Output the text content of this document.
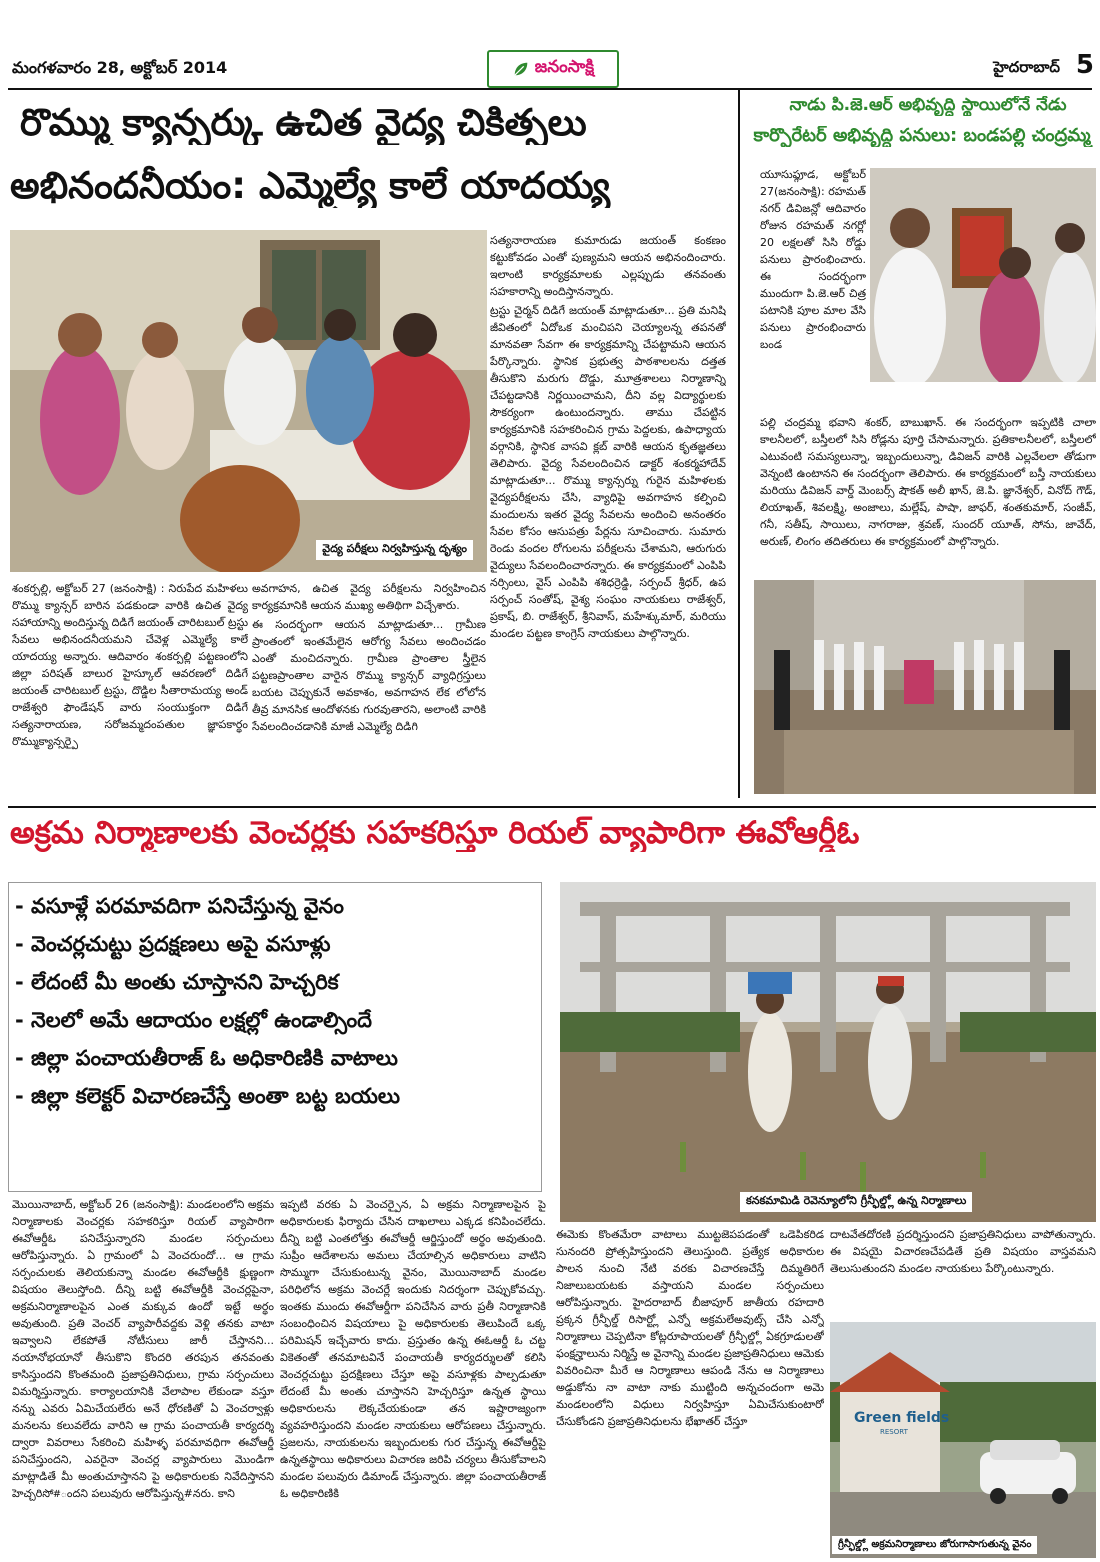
మంగళవారం 28, అక్టోబర్ 2014	జనంసాక్షి	హైదరాబాద్ 5
రొమ్ము క్యాన్సర్కు ఉచిత వైద్య చికిత్సలు
అభినందనీయం: ఎమ్మెల్యే కాలే యాదయ్య
వైద్య పరీక్షలు నిర్వహిస్తున్న దృశ్యం

సత్యనారాయణ కుమారుడు జయంత్ కంకణం కట్టుకోవడం ఎంతో పుణ్యమని ఆయన అభినందించారు. ఇలాంటి కార్యక్రమాలకు ఎల్లప్పుడు తనవంతు సహకారాన్ని అందిస్తానన్నారు.

ట్రస్టు చైర్మన్ దిడిగే జయంత్ మాట్లాడుతూ... ప్రతి మనిషి జీవితంలో ఏదోఒక మంచిపని చెయ్యాలన్న తపనతో మానవతా సేవగా ఈ కార్యక్రమాన్ని చేపట్టామని ఆయన పేర్కొన్నారు. స్థానిక ప్రభుత్వ పాఠశాలలను దత్తత తీసుకొని మరుగు దొడ్డు, మూత్రశాలలు నిర్మాణాన్ని చేపట్టడానికి నిర్ణయించామని, దీని వల్ల విద్యార్థులకు సౌకర్యంగా ఉంటుందన్నారు. తాము చేపట్టిన కార్యక్రమానికి సహకరించిన గ్రామ పెద్దలకు, ఉపాధ్యాయ వర్గానికి, స్థానిక వాసవి క్లబ్ వారికి ఆయన కృతజ్ఞతలు తెలిపారు. వైద్య సేవలందించిన డాక్టర్ శంకర్మహాదేవ్ మాట్లాడుతూ... రొమ్ము క్యాన్సర్ను గురైన మహిళలకు వైద్యపరీక్షలను చేసి, వ్యాధిపై అవగాహన కల్పించి మందులను ఇతర వైద్య సేవలను అందించి అనంతరం సేవల కోసం ఆసుపత్రు పేర్లను సూచించారు. సుమారు రెండు వందల రోగులను పరీక్షలను చేశామని, ఆరుగురు వైద్యులు సేవలందించారన్నారు. ఈ కార్యక్రమంలో ఎంపిపి నర్సింలు, వైస్ ఎంపిపి శశిధర్రెడ్డి, సర్పంచ్ శ్రీధర్, ఉప సర్పంచ్ సంతోష్, వైశ్య సంఘం నాయకులు రాజేశ్వర్, ప్రకాష్, బి. రాజేశ్వర్, శ్రీనివాస్, మహేశ్కుమార్, మరియు మండల పట్టణ కాంగ్రెస్ నాయకులు పాల్గొన్నారు.

శంకర్పల్లి, అక్టోబర్ 27 (జనంసాక్షి) : నిరుపేద మహిళలు రొమ్ము క్యాన్సర్ బారిన పడకుండా వారికి ఉచిత వైద్య సహాయాన్ని అందిస్తున్న దిడిగే జయంత్ చారిటబుల్ ట్రస్టు సేవలు అభినందనీయమని చేవెళ్ల ఎమ్మెల్యే కాలే యాదయ్య అన్నారు. ఆదివారం శంకర్పల్లి పట్టణంలోని జిల్లా పరిషత్ బాలుర హైస్కూల్ ఆవరణలో దిడిగే జయంత్ చారిటబుల్ ట్రస్టు, దొడ్డిల సీతారామయ్య అండ్ రాజేశ్వరి ఫౌండేషన్ వారు సంయుక్తంగా దిడిగే సత్యనారాయణ, సరోజమ్మదంపతుల జ్ఞాపకార్థం రొమ్ముక్యాన్సర్పై

అవగాహన, ఉచిత వైద్య పరీక్షలను నిర్వహించిన కార్యక్రమానికి ఆయన ముఖ్య అతిథిగా విచ్చేశారు.

ఈ సందర్భంగా ఆయన మాట్లాడుతూ... గ్రామీణ ప్రాంతంలో ఇంతమేలైన ఆరోగ్య సేవలు అందించడం ఎంతో మంచిదన్నారు. గ్రామీణ ప్రాంతాల స్త్రీలైన పట్టణప్రాంతాల వారైన రొమ్ము క్యాన్సర్ వ్యాధిగ్రస్తులు బయట చెప్పుకునే అవకాశం, అవగాహన లేక లోలోన తీవ్ర మానసిక ఆందోళనకు గురవుతారని, అలాంటి వారికి సేవలందించడానికి మాజీ ఎమ్మెల్యే దిడిగి

నాడు పి.జె.ఆర్ అభివృద్ధి స్థాయిలోనే నేడు
కార్పొరేటర్ అభివృద్ధి పనులు: బండపల్లి చంద్రమ్మ
యూసుఫ్గూడ, అక్టోబర్ 27(జనంసాక్షి): రహమత్ నగర్ డివిజన్లో ఆదివారం రోజున రహమత్ నగర్లో 20 లక్షలతో సిసి రోడ్డు పనులు ప్రారంభించారు. ఈ సందర్భంగా ముందుగా పి.జె.ఆర్ చిత్ర పటానికి పూల మాల వేసి పనులు ప్రారంభించారు బండ
పల్లి చంద్రమ్మ భవాని శంకర్, బాబుఖాన్. ఈ సందర్భంగా ఇప్పటికి చాలా కాలనీలలో, బస్తీలలో సిసి రోడ్లను పూర్తి చేసామన్నారు. ప్రతికాలనీలలో, బస్తీలలో ఎటువంటి సమస్యలున్నా, ఇబ్బందులున్నా, డివిజన్ వారికి ఎల్లవేలలా తోడుగా వెన్నంటి ఉంటానని ఈ సందర్భంగా తెలిపారు. ఈ కార్యక్రమంలో బస్తీ నాయకులు మరియు డివిజన్ వార్డ్ మెంబర్స్ షౌకత్ అలీ ఖాన్, జె.పి. జ్ఞానేశ్వర్, వినోద్ గౌడ్, లియాఖత్, శివలక్ష్మి, అంజాలు, మల్లేష్, పాషా, జాఫర్, శంతకుమార్, సంజీవ్, గనీ, సతీష్, సాయిలు, నాగరాజు, శ్రవణ్, సుందర్ యూత్, సోను, జావేద్, అరుణ్, లింగం తదితరులు ఈ కార్యక్రమంలో పాల్గొన్నారు.
అక్రమ నిర్మాణాలకు వెంచర్లకు సహకరిస్తూ రియల్ వ్యాపారిగా ఈవోఆర్డీఓ
- వసూళ్లే పరమావదిగా పనిచేస్తున్న వైనం
- వెంచర్లచుట్టు ప్రదక్షణలు అపై వసూళ్లు
- లేదంటే మీ అంతు చూస్తానని హెచ్చరిక
- నెలలో అమే ఆదాయం లక్షల్లో ఉండాల్సిందే
- జిల్లా పంచాయతీరాజ్ ఓ అధికారిణికి వాటాలు
- జిల్లా కలెక్టర్ విచారణచేస్తే అంతా బట్ట బయలు
కనకమామిడి రెవెన్యూలోని గ్రీన్ఫీల్డ్లో ఉన్న నిర్మాణాలు
మొయినాబాద్, అక్టోబర్ 26 (జనంసాక్షి): మండలంలోని అక్రమ నిర్మాణాలకు వెంచర్లకు సహకరిస్తూ రియల్ వ్యాపారిగా ఈవోఆర్డీఓ పనిచేస్తున్నారని మండల సర్పంచులు ఆరోపిస్తున్నారు. ఏ గ్రామంలో ఏ వెంచరుందో... ఆ గ్రామ సర్పంచులకు తెలియకున్నా మండల ఈవోఆర్డీకి క్షుణ్ణంగా విషయం తెలుస్తోంది. దీన్ని బట్టి ఈవోఆర్డీకి వెంచర్లపైనా, అక్రమనిర్మాణాలపైన ఎంత మక్కువ ఉందో ఇట్టే అర్థం అవుతుంది. ప్రతి వెంచర్ వ్యాపారీవద్దకు వెళ్లి తనకు వాటా ఇవ్వాలని లేకపోతే నోటీసులు జారీ చేస్తానని... నయానోభయానో తీసుకొని కొందరి తరపున తనవంతు కాసిస్తుందని కొంతమంది ప్రజాప్రతినిధులు, గ్రామ సర్పంచులు విమర్శిస్తున్నారు. కార్యాలయానికి వేలాపాల లేకుండా వస్తూ నన్ను ఎవరు ఏమిచేయలేరు అనే ధోరణితో ఏ వెంచర్వాళ్లు మనలను కలువలేదు వారిని ఆ గ్రామ పంచాయతీ కార్యదర్శి ద్వారా వివరాలు సేకరించి మహిళ్ళ పరమావధిగా ఈవోఆర్డీ పనిచేస్తుందని, ఎవరైనా వెంచర్ల వ్యాపారులు మొండిగా మాట్లాడితే మీ అంతుచూస్తానని పై అధికారులకు నివేదిస్తానని హెచ్చరిసో#ందని పలువురు ఆరోపిస్తున్న#నరు. కాని
ఇప్పటి వరకు ఏ వెంచర్పైన, ఏ అక్రమ నిర్మాణాలపైన పై అధికారులకు ఫిర్యాదు చేసిన దాఖలాలు ఎక్కడ కనిపించలేదు. దీన్ని బట్టి ఎంతలోత్తు ఈవోఆర్డీ ఆర్జిస్తుందో అర్థం అవుతుంది. సుప్రీం ఆదేశాలను అమలు చేయాల్సిన అధికారులు వాటిని సొమ్ముగా చేసుకుంటున్న వైనం, మొయినాబాద్ మండల పరిధిలోన అక్రమ వెంచర్లే ఇందుకు నిదర్శంగా చెప్పుకోవచ్చు. ఇంతకు ముందు ఈవోఆర్డీగా పనిచేసిన వారు ప్రతీ నిర్మాణానికి సంబంధించిన విషయాలు పై అధికారులకు తెలుపిందే ఒక్క పరిమిషన్ ఇచ్చేవారు కాదు. ప్రస్తుతం ఉన్న ఈఓఆర్డీ ఓ చట్ట వికెతంతో తనమాటవినే పంచాయతీ కార్యదర్శులతో కలిసి వెంచర్లచుట్టు ప్రదక్షిణలు చేస్తూ అపై వసూళ్లకు పాల్పడుతూ లేదంటే మీ అంతు చూస్తానని హెచ్చరిస్తూ ఉన్నత స్థాయి అధికారులను లెక్కచేయకుండా తన ఇష్టారాజ్యంగా వ్యవహరిస్తుందని మండల నాయకులు ఆరోపణలు చేస్తున్నారు. ప్రజలను, నాయకులను ఇబ్బందులకు గుర చేస్తున్న ఈవోఆర్డీపై ఉన్నతస్థాయి అధికారులు విచారణ జరిపి చర్యలు తీసుకోవాలని మండల పలువురు డిమాండ్ చేస్తున్నారు. జిల్లా పంచాయతీరాజ్ ఓ అధికారిణికి
ఈమెకు కొంతమేరా వాటాలు ముట్టజెపపడంతో ఒడెపికరిడ సునందరి ప్రోత్సహిస్తుందని తెలుస్తుంది. ప్రత్యేక అధికారుల పాలన నుంచి నేటి వరకు విచారణచేస్తే దిమ్మతిరిగే నిజాలుబయటకు వస్తాయని మండల సర్పంచులు ఆరోపిస్తున్నారు. హైదరాబాద్ బీజాపూర్ జాతీయ రహదారి ప్రక్కన గ్రీన్ఫీల్డ్ రిసార్ట్లో ఎన్నో అక్రమలేఅవుట్స్ చేసి ఎన్నో నిర్మాణాలు చెప్పటినా కోట్లరూపాయలతో గ్రీన్ఫీల్డ్లో ఏకగ్రూడులతో ఫంక్షన్హాలును నిర్మిస్తే అ వైనాన్ని మండల ప్రజాప్రతినిధులు ఆమెకు వివరించినా మీరే ఆ నిర్మాణాలు ఆపండి నేను ఆ నిర్మాణాలు అడ్డుకోను నా వాటా నాకు ముట్టింది అన్నచందంగా అమె మండలంలోని విధులు నిర్వహిస్తూ ఏమిచేసుకుంటారో చేసుకోండని ప్రజాప్రతినిధులను భేఖాతర్ చేస్తూ
దాటవేతదోరణి ప్రదర్శిస్తుందని ప్రజాప్రతినిధులు వాపోతున్నారు. ఈ విషయై విచారణచేపడితే ప్రతి విషయం వాస్తవమని తెలుసుతుందని మండల నాయకులు పేర్కొంటున్నారు.
Green fields
RESORT
గ్రీన్ఫీల్డ్లో అక్రమనిర్మాణాలు జోరుగాసాగుతున్న వైనం
